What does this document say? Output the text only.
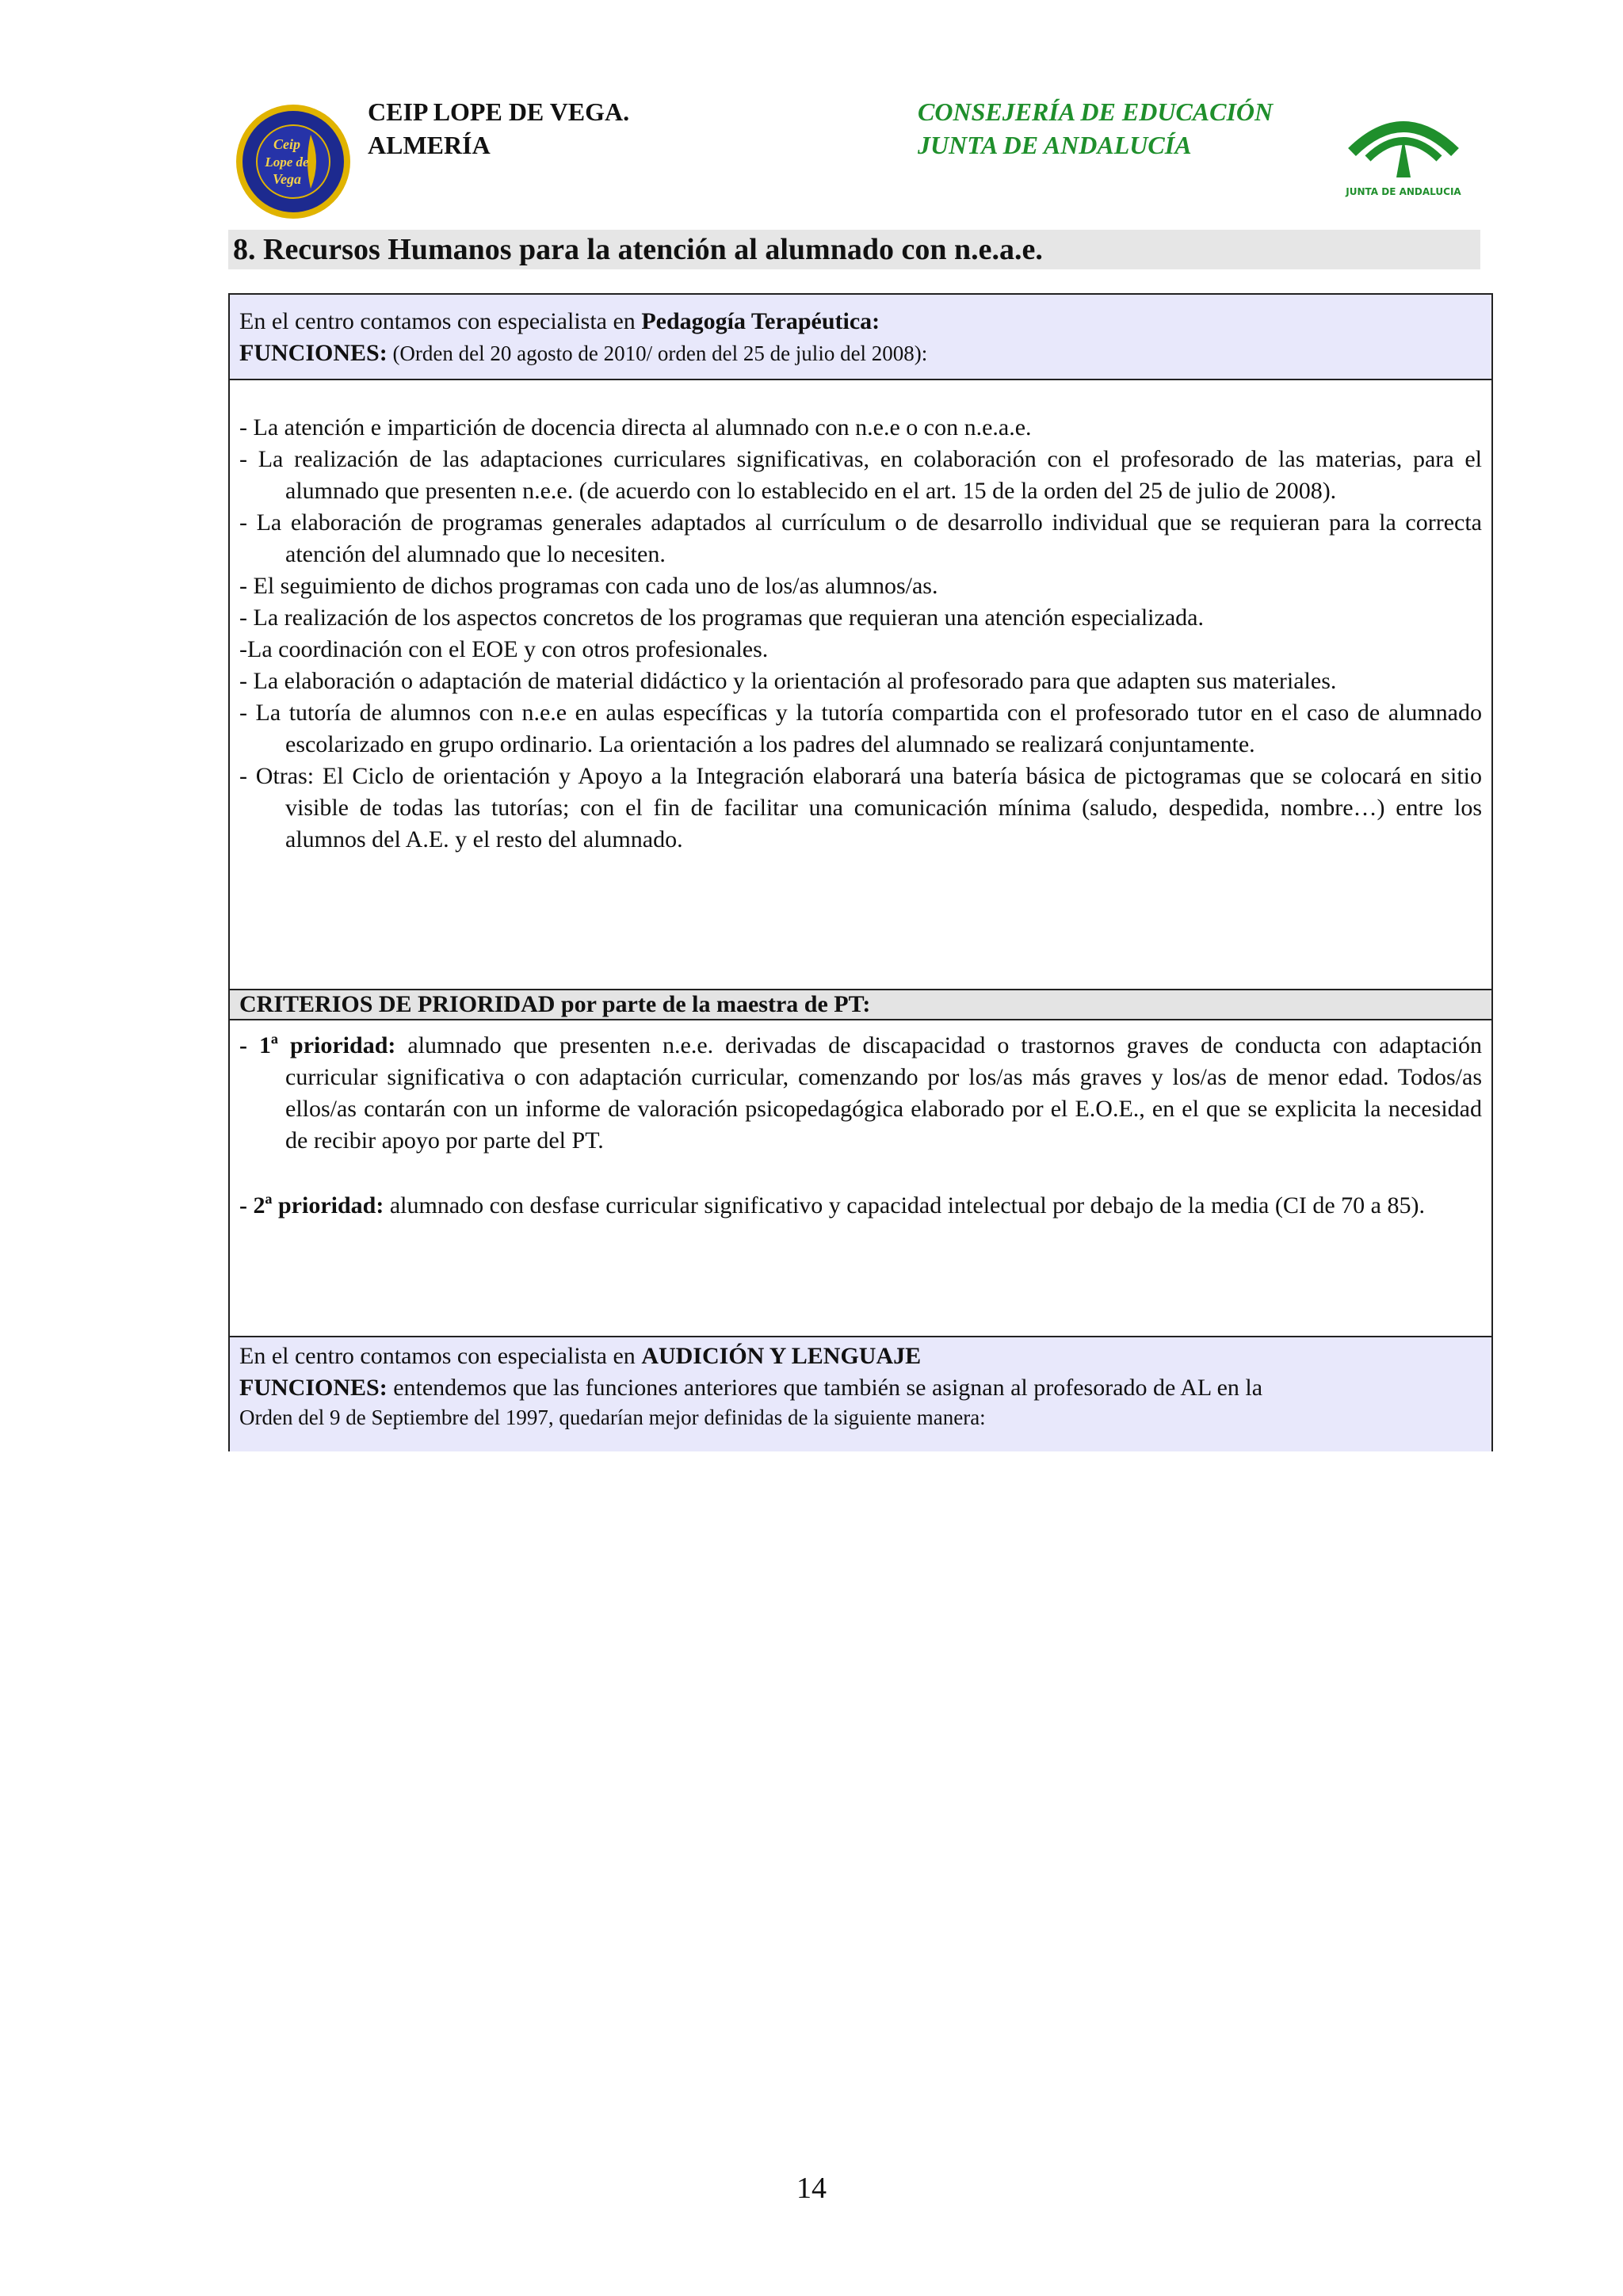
Ceip
Lope de
Vega
CEIP LOPE DE VEGA.
ALMERÍA
CONSEJERÍA DE EDUCACIÓN
JUNTA DE ANDALUCÍA
JUNTA DE ANDALUCIA
8. Recursos Humanos para la atención al alumnado con n.e.a.e.
En el centro contamos con especialista en Pedagogía Terapéutica:
FUNCIONES: (Orden del 20 agosto de 2010/ orden del 25 de julio del 2008):
- La atención e impartición de docencia directa al alumnado con n.e.e o con n.e.a.e.
- La realización de las adaptaciones curriculares significativas, en colaboración con el profesorado de las materias, para el alumnado que presenten n.e.e. (de acuerdo con lo establecido en el art. 15 de la orden del 25 de julio de 2008).
- La elaboración de programas generales adaptados al currículum o de desarrollo individual que se requieran para la correcta atención del alumnado que lo necesiten.
- El seguimiento de dichos programas con cada uno de los/as alumnos/as.
- La realización de los aspectos concretos de los programas que requieran una atención especializada.
-La coordinación con el EOE y con otros profesionales.
- La elaboración o adaptación de material didáctico y la orientación al profesorado para que adapten sus materiales.
- La tutoría de alumnos con n.e.e en aulas específicas y la tutoría compartida con el profesorado tutor en el caso de alumnado escolarizado en grupo ordinario. La orientación a los padres del alumnado se realizará conjuntamente.
- Otras: El Ciclo de orientación y Apoyo a la Integración elaborará una batería básica de pictogramas que se colocará en sitio visible de todas las tutorías; con el fin de facilitar una comunicación mínima (saludo, despedida, nombre…) entre los alumnos del A.E. y el resto del alumnado.
CRITERIOS DE PRIORIDAD por parte de la maestra de PT:
- 1ª prioridad: alumnado que presenten n.e.e. derivadas de discapacidad o trastornos graves de conducta con adaptación curricular significativa o con adaptación curricular, comenzando por los/as más graves y los/as de menor edad. Todos/as ellos/as contarán con un informe de valoración psicopedagógica elaborado por el E.O.E., en el que se explicita la necesidad de recibir apoyo por parte del PT.
- 2ª prioridad: alumnado con desfase curricular significativo y capacidad intelectual por debajo de la media (CI de 70 a 85).
En el centro contamos con especialista en AUDICIÓN Y LENGUAJE
FUNCIONES: entendemos que las funciones anteriores que también se asignan al profesorado de AL en la
Orden del 9 de Septiembre del 1997, quedarían mejor definidas de la siguiente manera:
14
